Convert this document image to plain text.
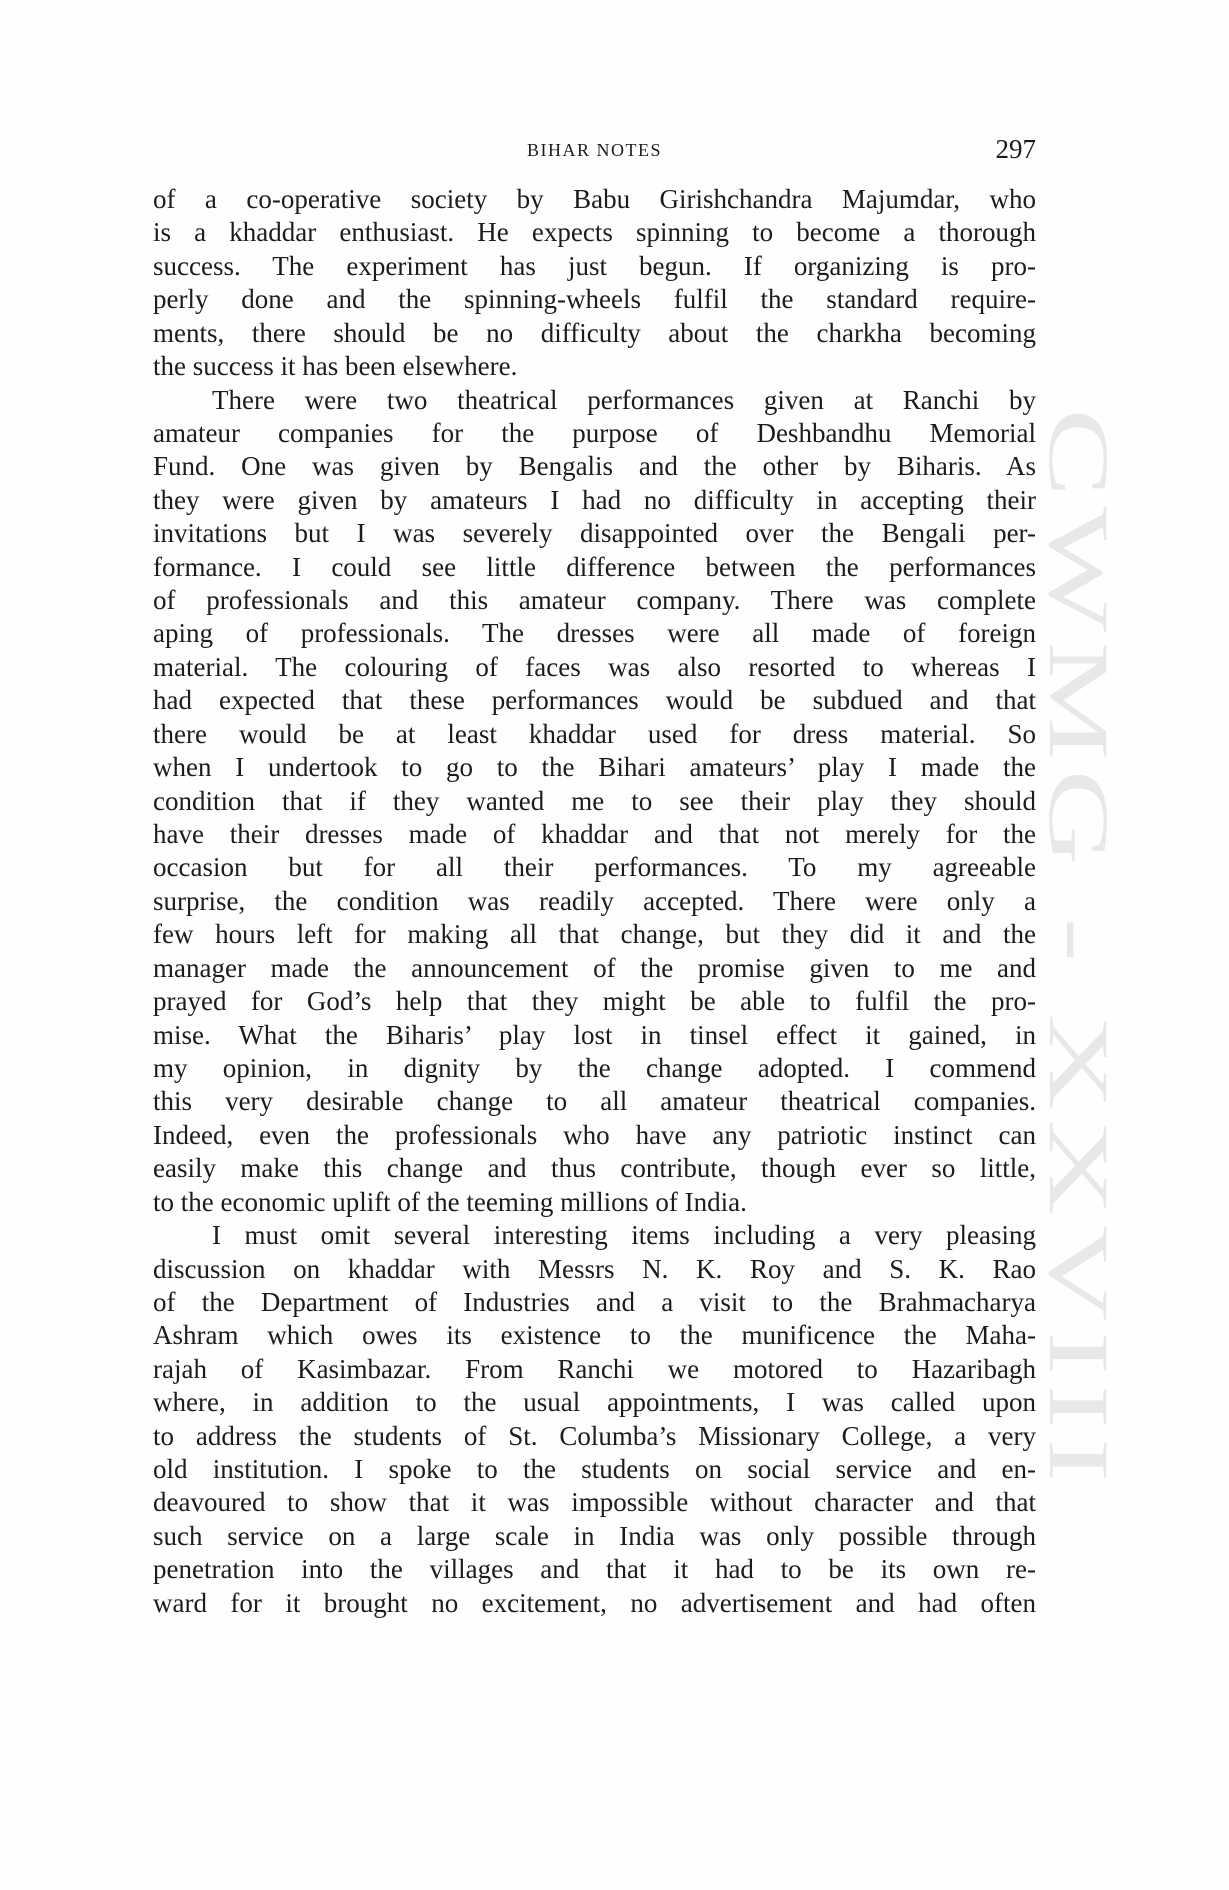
BIHAR NOTES	297
CWMG - XXVIII
of a co-operative society by Babu Girishchandra Majumdar, who
is a khaddar enthusiast. He expects spinning to become a thorough
success. The experiment has just begun. If organizing is pro-
perly done and the spinning-wheels fulfil the standard require-
ments, there should be no difficulty about the charkha becoming
the success it has been elsewhere.
There were two theatrical performances given at Ranchi by
amateur companies for the purpose of Deshbandhu Memorial
Fund. One was given by Bengalis and the other by Biharis. As
they were given by amateurs I had no difficulty in accepting their
invitations but I was severely disappointed over the Bengali per-
formance. I could see little difference between the performances
of professionals and this amateur company. There was complete
aping of professionals. The dresses were all made of foreign
material. The colouring of faces was also resorted to whereas I
had expected that these performances would be subdued and that
there would be at least khaddar used for dress material. So
when I undertook to go to the Bihari amateurs’ play I made the
condition that if they wanted me to see their play they should
have their dresses made of khaddar and that not merely for the
occasion but for all their performances. To my agreeable
surprise, the condition was readily accepted. There were only a
few hours left for making all that change, but they did it and the
manager made the announcement of the promise given to me and
prayed for God’s help that they might be able to fulfil the pro-
mise. What the Biharis’ play lost in tinsel effect it gained, in
my opinion, in dignity by the change adopted. I commend
this very desirable change to all amateur theatrical companies.
Indeed, even the professionals who have any patriotic instinct can
easily make this change and thus contribute, though ever so little,
to the economic uplift of the teeming millions of India.
I must omit several interesting items including a very pleasing
discussion on khaddar with Messrs N. K. Roy and S. K. Rao
of the Department of Industries and a visit to the Brahmacharya
Ashram which owes its existence to the munificence the Maha-
rajah of Kasimbazar. From Ranchi we motored to Hazaribagh
where, in addition to the usual appointments, I was called upon
to address the students of St. Columba’s Missionary College, a very
old institution. I spoke to the students on social service and en-
deavoured to show that it was impossible without character and that
such service on a large scale in India was only possible through
penetration into the villages and that it had to be its own re-
ward for it brought no excitement, no advertisement and had often
